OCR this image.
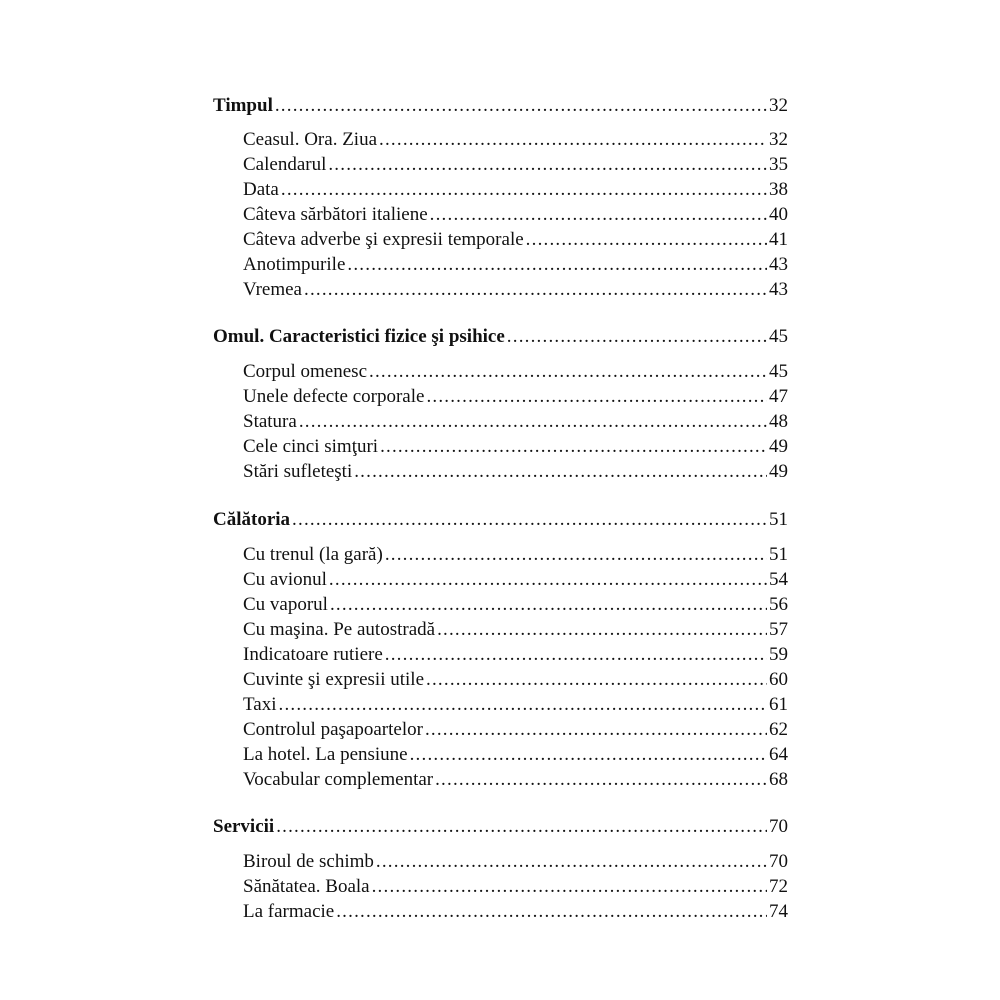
Timpul .....	32
Ceasul. Ora. Ziua .....	32
Calendarul .....	35
Data .....	38
Câteva sărbători italiene .....	40
Câteva adverbe şi expresii temporale .....	41
Anotimpurile .....	43
Vremea .....	43
Omul. Caracteristici fizice şi psihice .....	45
Corpul omenesc .....	45
Unele defecte corporale .....	47
Statura .....	48
Cele cinci simţuri .....	49
Stări sufleteşti .....	49
Călătoria .....	51
Cu trenul (la gară) .....	51
Cu avionul .....	54
Cu vaporul .....	56
Cu maşina. Pe autostradă .....	57
Indicatoare rutiere .....	59
Cuvinte şi expresii utile .....	60
Taxi .....	61
Controlul paşapoartelor .....	62
La hotel. La pensiune .....	64
Vocabular complementar .....	68
Servicii .....	70
Biroul de schimb .....	70
Sănătatea. Boala .....	72
La farmacie .....	74
